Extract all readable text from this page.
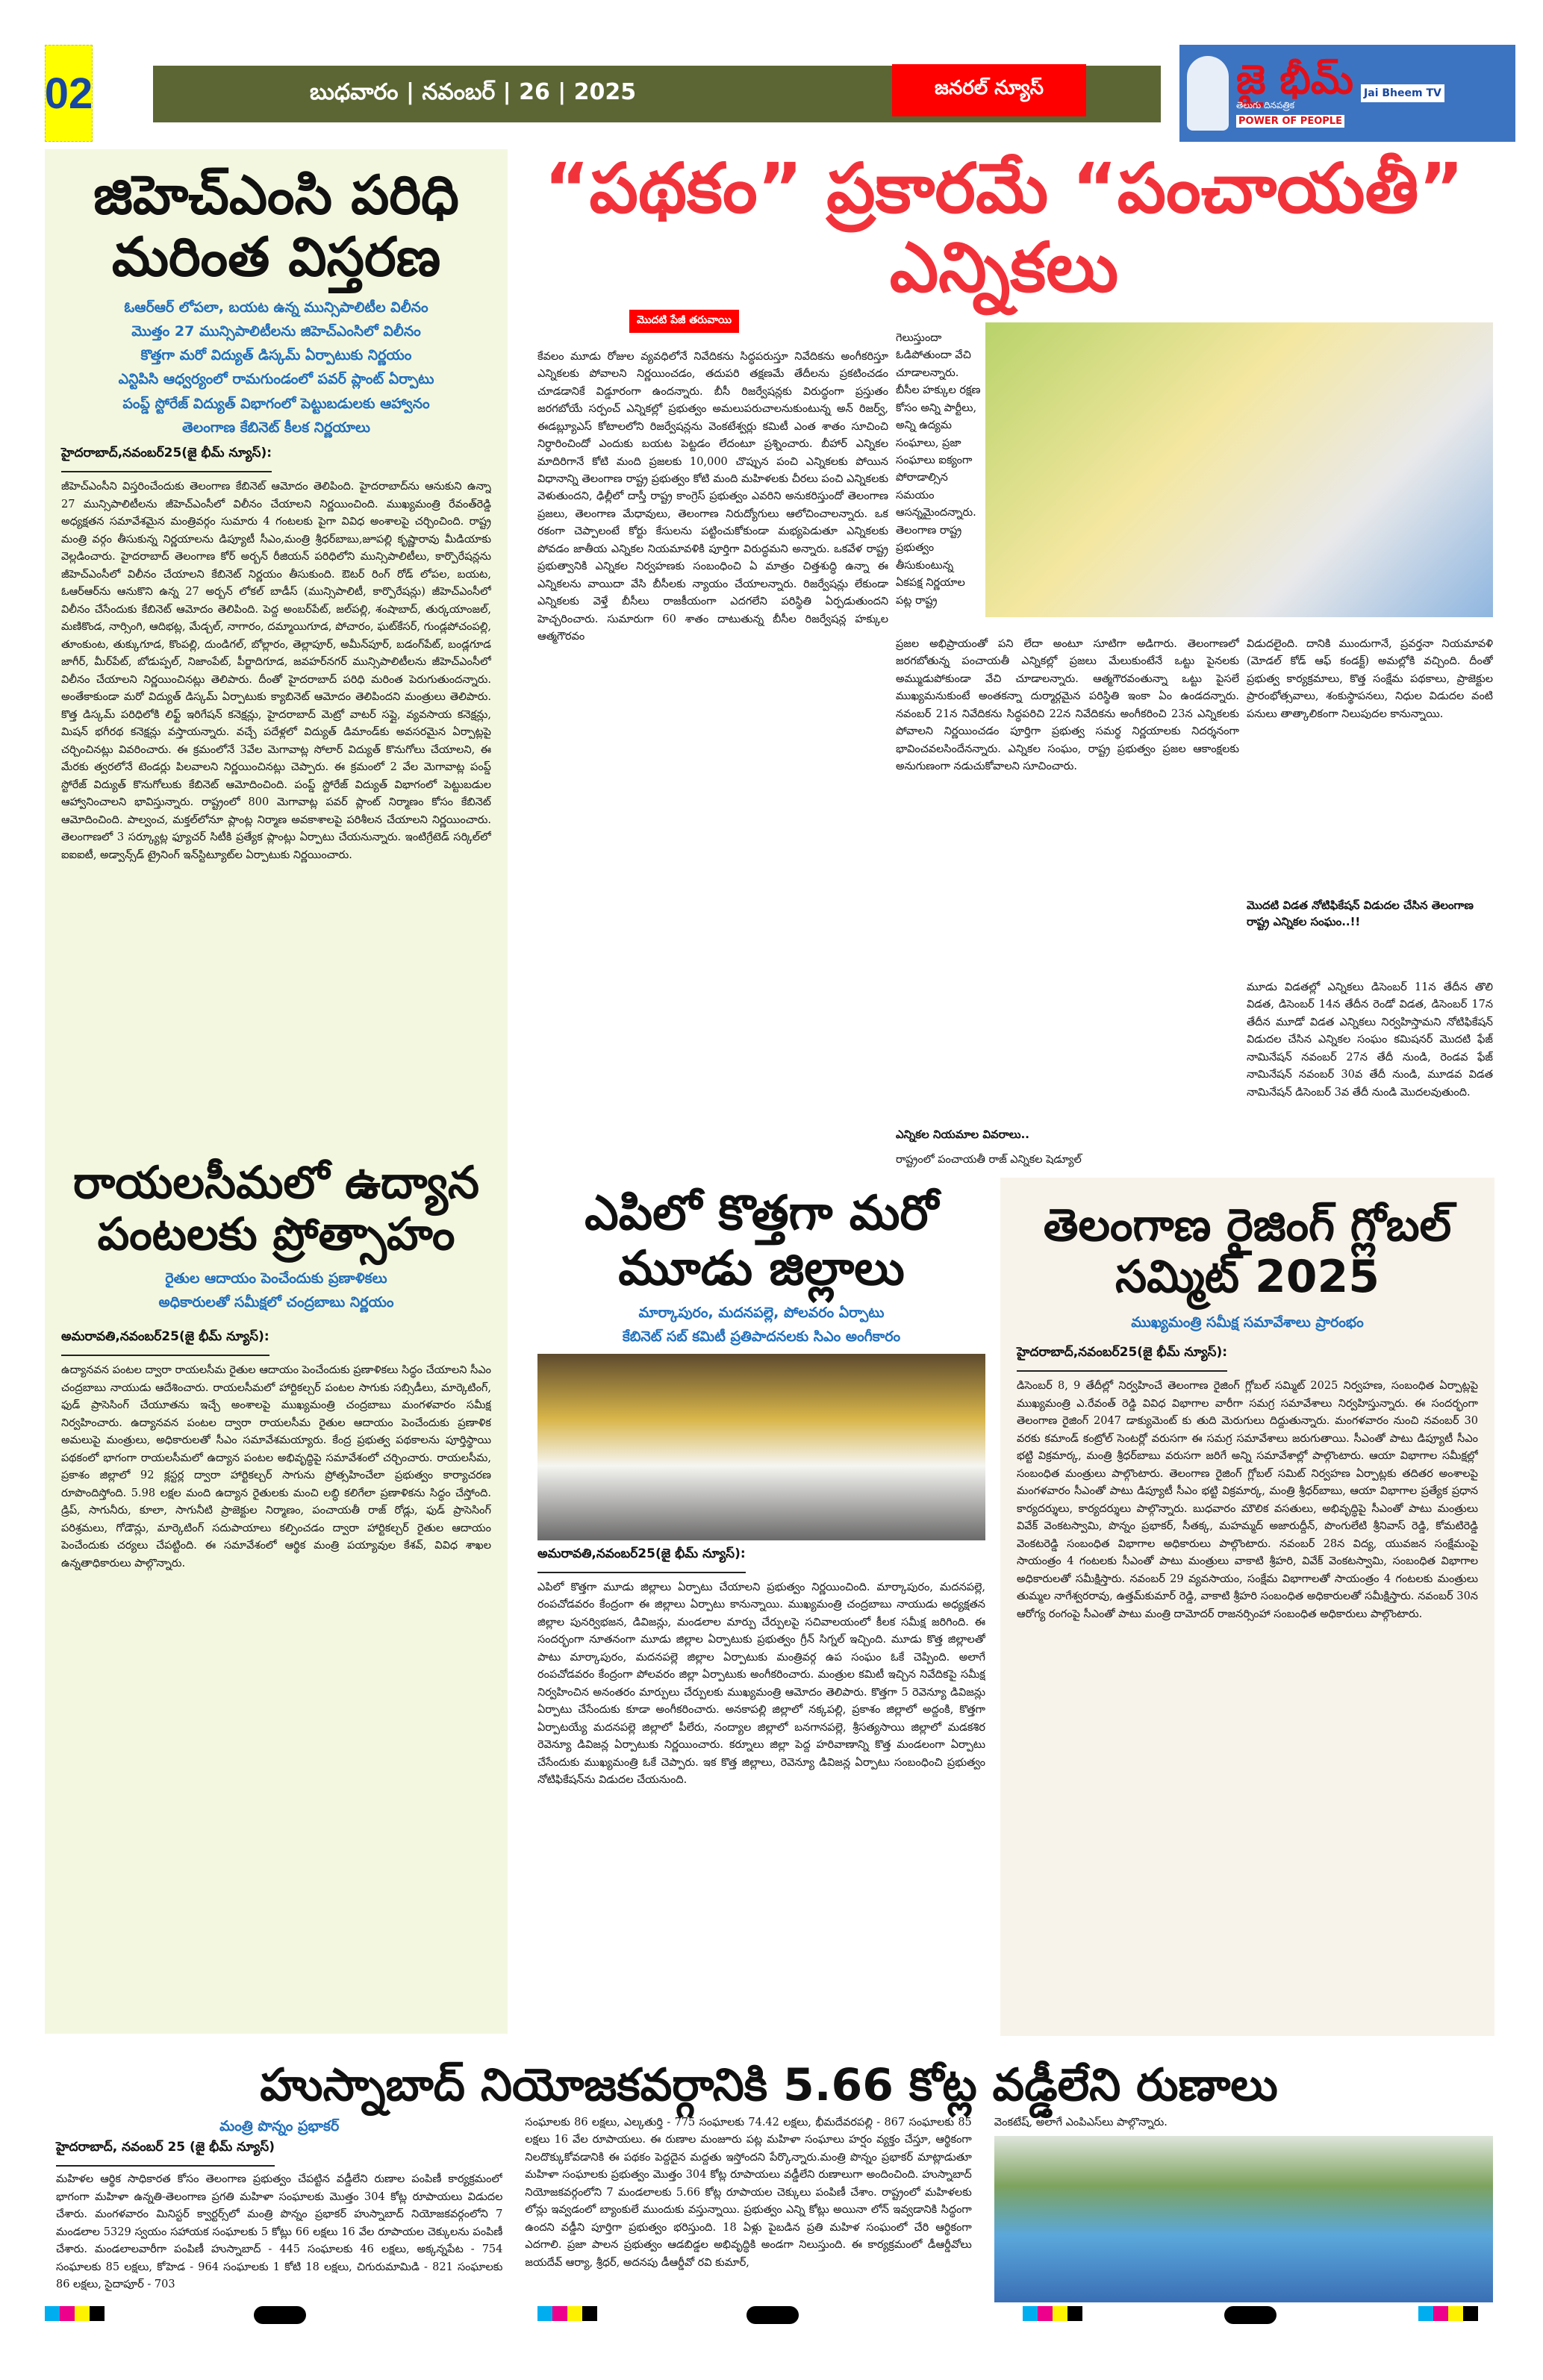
02	బుధవారం | నవంబర్ | 26 | 2025	జనరల్ న్యూస్	జై భీమ్
తెలుగు దినపత్రిక
POWER OF PEOPLE
Jai Bheem TV
జిహెచ్ఎంసి పరిధి మరింత విస్తరణ
ఓఆర్ఆర్ లోపలా, బయట ఉన్న మున్సిపాలిటీల విలీనం
మొత్తం 27 మున్సిపాలిటీలను జిహెచ్ఎంసిలో విలీనం
కొత్తగా మరో విద్యుత్ డిస్కమ్ ఏర్పాటుకు నిర్ణయం
ఎన్టిపిసి ఆధ్వర్యంలో రామగుండంలో పవర్ ప్లాంట్ ఏర్పాటు
పంప్డ్ స్టోరేజ్ విద్యుత్ విభాగంలో పెట్టుబడులకు ఆహ్వానం
తెలంగాణ కేబినెట్ కీలక నిర్ణయాలు
హైదరాబాద్,నవంబర్25(జై భీమ్ న్యూస్):
జీహెచ్ఎంసీని విస్తరించేందుకు తెలంగాణ కేబినెట్ ఆమోదం తెలిపింది. హైదరాబాద్‌ను ఆనుకుని ఉన్నా 27 మున్సిపాలిటీలను జీహెచ్ఎంసీలో విలీనం చేయాలని నిర్ణయించింది. ముఖ్యమంత్రి రేవంత్‌రెడ్డి అధ్యక్షతన సమావేశమైన మంత్రివర్గం సుమారు 4 గంటలకు పైగా వివిధ అంశాలపై చర్చించింది. రాష్ట్ర మంత్రి వర్గం తీసుకున్న నిర్ణయాలను డిప్యూటీ సీఎం,మంత్రి శ్రీధర్‌బాబు,జూపల్లి కృష్ణారావు మీడియాకు వెల్లడించారు. హైదరాబాద్ తెలంగాణ కోర్ అర్బన్ రీజియన్ పరిధిలోని మున్సిపాలిటీలు, కార్పొరేషన్లను జీహెచ్ఎంసీలో విలీనం చేయాలని కేబినెట్ నిర్ణయం తీసుకుంది. ఔటర్ రింగ్ రోడ్ లోపల, బయట, ఓఆర్ఆర్‌ను ఆనుకొని ఉన్న 27 అర్బన్ లోకల్ బాడీస్ (మున్సిపాలిటీ, కార్పొరేషన్లు) జీహెచ్ఎంసీలో విలీనం చేసేందుకు కేబినెట్ ఆమోదం తెలిపింది. పెద్ద అంబర్‌పేట్, జల్‌పల్లి, శంషాబాద్, తుర్కయాంజల్, మణికొండ, నార్సింగి, ఆదిభట్ల, మేడ్చల్, నాగారం, దమ్మాయిగూడ, పోచారం, ఘట్‌కేసర్, గుండ్లపోచంపల్లి, తూంకుంట, తుక్కుగూడ, కొంపల్లి, దుండిగల్, బోల్లారం, తెల్లాపూర్, అమీన్‌పూర్, బడంగ్‌పేట్, బండ్లగూడ జాగీర్, మీర్‌పేట్, బోడుప్పల్, నిజాంపేట్, పీర్జాదిగూడ, జవహర్‌నగర్ మున్సిపాలిటీలను జీహెచ్ఎంసీలో విలీనం చేయాలని నిర్ణయించినట్లు తెలిపారు. దీంతో హైదరాబాద్ పరిధి మరింత పెరుగుతుందన్నారు. అంతేకాకుండా మరో విద్యుత్ డిస్కమ్ ఏర్పాటుకు క్యాబినెట్ ఆమోదం తెలిపిందని మంత్రులు తెలిపారు. కొత్త డిస్కమ్ పరిధిలోకి లిఫ్ట్ ఇరిగేషన్ కనెక్షన్లు, హైదరాబాద్ మెట్రో వాటర్ సప్లై, వ్యవసాయ కనెక్షన్లు, మిషన్ భగీరథ కనెక్షన్లు వస్తాయన్నారు. వచ్చే పదేళ్లలో విద్యుత్ డిమాండ్‌కు అవసరమైన ఏర్పాట్లపై చర్చించినట్లు వివరించారు. ఈ క్రమంలోనే 3వేల మెగావాట్ల సోలార్ విద్యుత్ కొనుగోలు చేయాలని, ఈ మేరకు త్వరలోనే టెండర్లు పిలవాలని నిర్ణయించినట్లు చెప్పారు. ఈ క్రమంలో 2 వేల మెగావాట్ల పంప్డ్ స్టోరేజ్ విద్యుత్ కొనుగోలుకు కేబినెట్ ఆమోదించింది. పంప్డ్ స్టోరేజ్ విద్యుత్ విభాగంలో పెట్టుబడుల ఆహ్వానించాలని భావిస్తున్నారు. రాష్ట్రంలో 800 మెగావాట్ల పవర్ ప్లాంట్ నిర్మాణం కోసం కేబినెట్ ఆమోదించింది. పాల్వంచ, మక్తల్‌లోనూ ప్లాంట్ల నిర్మాణ అవకాశాలపై పరిశీలన చేయాలని నిర్ణయించారు. తెలంగాణలో 3 సర్క్యూట్ల ఫ్యూచర్ సిటీకి ప్రత్యేక ప్లాంట్లు ఏర్పాటు చేయనున్నారు. ఇంటిగ్రేటెడ్ సర్కిల్‌లో ఐఐఐటీ, అడ్వాన్స్‌డ్ ట్రైనింగ్ ఇన్‌స్టిట్యూట్‌ల ఏర్పాటుకు నిర్ణయించారు.
రాయలసీమలో ఉద్యాన పంటలకు ప్రోత్సాహం
రైతుల ఆదాయం పెంచేందుకు ప్రణాళికలు
అధికారులతో సమీక్షలో చంద్రబాబు నిర్ణయం
అమరావతి,నవంబర్25(జై భీమ్ న్యూస్):
ఉద్యానవన పంటల ద్వారా రాయలసీమ రైతుల ఆదాయం పెంచేందుకు ప్రణాళికలు సిద్ధం చేయాలని సీఎం చంద్రబాబు నాయుడు ఆదేశించారు. రాయలసీమలో హార్టికల్చర్ పంటల సాగుకు సబ్సిడీలు, మార్కెటింగ్, ఫుడ్ ప్రాసెసింగ్ చేయూతను ఇచ్చే అంశాలపై ముఖ్యమంత్రి చంద్రబాబు మంగళవారం సమీక్ష నిర్వహించారు. ఉద్యానవన పంటల ద్వారా రాయలసీమ రైతుల ఆదాయం పెంచేందుకు ప్రణాళిక అమలుపై మంత్రులు, అధికారులతో సీఎం సమావేశమయ్యారు. కేంద్ర ప్రభుత్వ పథకాలను పూర్తిస్థాయి పథకంలో భాగంగా రాయలసీమలో ఉద్యాన పంటల అభివృద్ధిపై సమావేశంలో చర్చించారు. రాయలసీమ, ప్రకాశం జిల్లాలో 92 క్లస్టర్ల ద్వారా హార్టికల్చర్ సాగును ప్రోత్సహించేలా ప్రభుత్వం కార్యాచరణ రూపొందిస్తోంది. 5.98 లక్షల మంది ఉద్యాన రైతులకు మంచి లబ్ధి కలిగేలా ప్రణాళికను సిద్ధం చేస్తోంది. డ్రిప్, సాగునీరు, కూలా, సాగునీటి ప్రాజెక్టుల నిర్మాణం, పంచాయతీ రాజ్ రోడ్లు, ఫుడ్ ప్రాసెసింగ్ పరిశ్రమలు, గోడౌన్లు, మార్కెటింగ్ సదుపాయాలు కల్పించడం ద్వారా హార్టికల్చర్ రైతుల ఆదాయం పెంచేందుకు చర్యలు చేపట్టింది. ఈ సమావేశంలో ఆర్థిక మంత్రి పయ్యావుల కేశవ్, వివిధ శాఖల ఉన్నతాధికారులు పాల్గొన్నారు.
“పథకం” ప్రకారమే “పంచాయతీ” ఎన్నికలు
మొదటి పేజీ తరువాయి
కేవలం మూడు రోజుల వ్యవధిలోనే నివేదికను సిద్ధపరుస్తూ నివేదికను అంగీకరిస్తూ ఎన్నికలకు పోవాలని నిర్ణయించడం, తదుపరి తక్షణమే తేదీలను ప్రకటించడం చూడడానికే విడ్డూరంగా ఉందన్నారు. బీసీ రిజర్వేషన్లకు విరుద్ధంగా ప్రస్తుతం జరగబోయే సర్పంచ్ ఎన్నికల్లో ప్రభుత్వం అమలుపరుచాలనుకుంటున్న అన్ రిజర్వ్, ఈడబ్ల్యూఎస్ కోటాలలోని రిజర్వేషన్లను వెంకటేశ్వర్లు కమిటీ ఎంత శాతం సూచించి నిర్ధారించిందో ఎందుకు బయట పెట్టడం లేదంటూ ప్రశ్నించారు. బీహార్ ఎన్నికల మాదిరిగానే కోటి మంది ప్రజలకు 10,000 చొప్పున పంచి ఎన్నికలకు పోయిన విధానాన్ని తెలంగాణ రాష్ట్ర ప్రభుత్వం కోటి మంది మహిళలకు చీరలు పంచి ఎన్నికలకు వెళుతుందని, ఢిల్లీలో దాస్తీ రాష్ట్ర కాంగ్రెస్ ప్రభుత్వం ఎవరిని అనుకరిస్తుందో తెలంగాణ ప్రజలు, తెలంగాణ మేధావులు, తెలంగాణ నిరుద్యోగులు ఆలోచించాలన్నారు. ఒక రకంగా చెప్పాలంటే కోర్టు కేసులను పట్టించుకోకుండా మభ్యపెడుతూ ఎన్నికలకు పోవడం జాతీయ ఎన్నికల నియమావళికి పూర్తిగా విరుద్ధమని అన్నారు. ఒకవేళ రాష్ట్ర ప్రభుత్వానికి ఎన్నికల నిర్వహణకు సంబంధించి ఏ మాత్రం చిత్తశుద్ధి ఉన్నా ఈ ఎన్నికలను వాయిదా వేసి బీసీలకు న్యాయం చేయాలన్నారు. రిజర్వేషన్లు లేకుండా ఎన్నికలకు వెళ్తే బీసీలు రాజకీయంగా ఎదగలేని పరిస్థితి ఏర్పడుతుందని హెచ్చరించారు. సుమారుగా 60 శాతం దాటుతున్న బీసీల రిజర్వేషన్ల హక్కుల ఆత్మగౌరవం
గెలుస్తుందా ఓడిపోతుందా వేచి చూడాలన్నారు. బీసీల హక్కుల రక్షణ కోసం అన్ని పార్టీలు, అన్ని ఉద్యమ సంఘాలు, ప్రజా సంఘాలు ఐక్యంగా పోరాడాల్సిన సమయం ఆసన్నమైందన్నారు. తెలంగాణ రాష్ట్ర ప్రభుత్వం తీసుకుంటున్న ఏకపక్ష నిర్ణయాల పట్ల రాష్ట్ర
ప్రజల అభిప్రాయంతో పని లేదా అంటూ సూటిగా అడిగారు. తెలంగాణలో జరగబోతున్న పంచాయతీ ఎన్నికల్లో ప్రజలు మేలుకుంటేనే ఒట్టు పైనలకు అమ్ముడుపోకుండా వేచి చూడాలన్నారు. ఆత్మగౌరవంతున్నా ఒట్టు పైసలే ముఖ్యమనుకుంటే అంతకన్నా దుర్మార్గమైన పరిస్థితి ఇంకా ఏం ఉండదన్నారు. నవంబర్ 21న నివేదికను సిద్ధపరిచి 22న నివేదికను అంగీకరించి 23న ఎన్నికలకు పోవాలని నిర్ణయించడం పూర్తిగా ప్రభుత్వ సమర్థ నిర్ణయాలకు నిదర్శనంగా భావించవలసిందేనన్నారు. ఎన్నికల సంఘం, రాష్ట్ర ప్రభుత్వం ప్రజల ఆకాంక్షలకు అనుగుణంగా నడుచుకోవాలని సూచించారు.
ఎన్నికల నియమాల వివరాలు..
రాష్ట్రంలో పంచాయతీ రాజ్ ఎన్నికల షెడ్యూల్
విడుదలైంది. దానికి ముందుగానే, ప్రవర్తనా నియమావళి (మోడల్ కోడ్ ఆఫ్ కండక్ట్) అమల్లోకి వచ్చింది. దీంతో ప్రభుత్వ కార్యక్రమాలు, కొత్త సంక్షేమ పథకాలు, ప్రాజెక్టుల ప్రారంభోత్సవాలు, శంకుస్థాపనలు, నిధుల విడుదల వంటి పనులు తాత్కాలికంగా నిలుపుదల కానున్నాయి.
మొదటి విడత నోటిఫికేషన్ విడుదల చేసిన తెలంగాణ రాష్ట్ర ఎన్నికల సంఘం..!!
మూడు విడతల్లో ఎన్నికలు డిసెంబర్ 11న తేదీన తొలి విడత, డిసెంబర్ 14న తేదీన రెండో విడత, డిసెంబర్ 17న తేదీన మూడో విడత ఎన్నికలు నిర్వహిస్తామని నోటిఫికేషన్ విడుదల చేసిన ఎన్నికల సంఘం కమిషనర్ మొదటి ఫేజ్ నామినేషన్ నవంబర్ 27న తేదీ నుండి, రెండవ ఫేజ్ నామినేషన్ నవంబర్ 30వ తేదీ నుండి, మూడవ విడత నామినేషన్ డిసెంబర్ 3వ తేదీ నుండి మొదలవుతుంది.
ఎపిలో కొత్తగా మరో మూడు జిల్లాలు
మార్కాపురం, మదనపల్లె, పోలవరం ఏర్పాటు
కేబినెట్ సబ్ కమిటీ ప్రతిపాదనలకు సిఎం అంగీకారం
అమరావతి,నవంబర్25(జై భీమ్ న్యూస్):
ఎపిలో కొత్తగా మూడు జిల్లాలు ఏర్పాటు చేయాలని ప్రభుత్వం నిర్ణయించింది. మార్కాపురం, మదనపల్లె, రంపచోడవరం కేంద్రంగా ఈ జిల్లాలు ఏర్పాటు కానున్నాయి. ముఖ్యమంత్రి చంద్రబాబు నాయుడు అధ్యక్షతన జిల్లాల పునర్విభజన, డివిజన్లు, మండలాల మార్పు చేర్పులపై సచివాలయంలో కీలక సమీక్ష జరిగింది. ఈ సందర్భంగా నూతనంగా మూడు జిల్లాల ఏర్పాటుకు ప్రభుత్వం గ్రీన్ సిగ్నల్ ఇచ్చింది. మూడు కొత్త జిల్లాలతో పాటు మార్కాపురం, మదనపల్లె జిల్లాల ఏర్పాటుకు మంత్రివర్గ ఉప సంఘం ఓకే చెప్పింది. అలాగే రంపచోడవరం కేంద్రంగా పోలవరం జిల్లా ఏర్పాటుకు అంగీకరించారు. మంత్రుల కమిటీ ఇచ్చిన నివేదికపై సమీక్ష నిర్వహించిన అనంతరం మార్పులు చేర్పులకు ముఖ్యమంత్రి ఆమోదం తెలిపారు. కొత్తగా 5 రెవెన్యూ డివిజన్లు ఏర్పాటు చేసేందుకు కూడా అంగీకరించారు. అనకాపల్లి జిల్లాలో నక్కపల్లి, ప్రకాశం జిల్లాలో అద్దంకి, కొత్తగా ఏర్పాటయ్యే మదనపల్లె జిల్లాలో పీలేరు, నంద్యాల జిల్లాలో బనగానపల్లె, శ్రీసత్యసాయి జిల్లాలో మడకశిర రెవెన్యూ డివిజన్ల ఏర్పాటుకు నిర్ణయించారు. కర్నూలు జిల్లా పెద్ద హరివాణాన్ని కొత్త మండలంగా ఏర్పాటు చేసేందుకు ముఖ్యమంత్రి ఓకే చెప్పారు. ఇక కొత్త జిల్లాలు, రెవెన్యూ డివిజన్ల ఏర్పాటు సంబంధించి ప్రభుత్వం నోటిఫికేషన్‌ను విడుదల చేయనుంది.
తెలంగాణ రైజింగ్ గ్లోబల్ సమ్మిట్ 2025
ముఖ్యమంత్రి సమీక్ష సమావేశాలు ప్రారంభం
హైదరాబాద్,నవంబర్25(జై భీమ్ న్యూస్):
డిసెంబర్ 8, 9 తేదీల్లో నిర్వహించే తెలంగాణ రైజింగ్ గ్లోబల్ సమ్మిట్ 2025 నిర్వహణ, సంబంధిత ఏర్పాట్లపై ముఖ్యమంత్రి ఎ.రేవంత్ రెడ్డి వివిధ విభాగాల వారీగా సమగ్ర సమావేశాలు నిర్వహిస్తున్నారు. ఈ సందర్భంగా తెలంగాణ రైజింగ్ 2047 డాక్యుమెంట్‌ కు తుది మెరుగులు దిద్దుతున్నారు. మంగళవారం నుంచి నవంబర్ 30 వరకు కమాండ్ కంట్రోల్ సెంటర్లో వరుసగా ఈ సమగ్ర సమావేశాలు జరుగుతాయి. సీఎంతో పాటు డిప్యూటీ సీఎం భట్టి విక్రమార్క, మంత్రి శ్రీధర్‌బాబు వరుసగా జరిగే అన్ని సమావేశాల్లో పాల్గొంటారు. ఆయా విభాగాల సమీక్షల్లో సంబంధిత మంత్రులు పాల్గొంటారు. తెలంగాణ రైజింగ్ గ్లోబల్ సమిట్ నిర్వహణ ఏర్పాట్లకు తదితర అంశాలపై మంగళవారం సీఎంతో పాటు డిప్యూటీ సీఎం భట్టి విక్రమార్క, మంత్రి శ్రీధర్‌బాబు, ఆయా విభాగాల ప్రత్యేక ప్రధాన కార్యదర్శులు, కార్యదర్శులు పాల్గొన్నారు. బుధవారం మౌలిక వసతులు, అభివృద్ధిపై సీఎంతో పాటు మంత్రులు వివేక్ వెంకటస్వామి, పొన్నం ప్రభాకర్, సీతక్క, మహమ్మద్ అజారుద్దీన్, పొంగులేటి శ్రీనివాస్ రెడ్డి, కోమటిరెడ్డి వెంకటరెడ్డి సంబంధిత విభాగాల అధికారులు పాల్గొంటారు. నవంబర్ 28న విద్య, యువజన సంక్షేమంపై సాయంత్రం 4 గంటలకు సీఎంతో పాటు మంత్రులు వాకాటి శ్రీహరి, వివేక్ వెంకటస్వామి, సంబంధిత విభాగాల అధికారులతో సమీక్షిస్తారు. నవంబర్ 29 వ్యవసాయం, సంక్షేమ విభాగాలతో సాయంత్రం 4 గంటలకు మంత్రులు తుమ్మల నాగేశ్వరరావు, ఉత్తమ్‌కుమార్ రెడ్డి, వాకాటి శ్రీహరి సంబంధిత అధికారులతో సమీక్షిస్తారు. నవంబర్ 30న ఆరోగ్య రంగంపై సీఎంతో పాటు మంత్రి దామోదర్ రాజనర్సింహా సంబంధిత అధికారులు పాల్గొంటారు.
హుస్నాబాద్ నియోజకవర్గానికి 5.66 కోట్ల వడ్డీలేని రుణాలు
మంత్రి పొన్నం ప్రభాకర్
హైదరాబాద్, నవంబర్ 25 (జై భీమ్ న్యూస్)
మహిళల ఆర్థిక సాధికారత కోసం తెలంగాణ ప్రభుత్వం చేపట్టిన వడ్డీలేని రుణాల పంపిణీ కార్యక్రమంలో భాగంగా మహిళా ఉన్నతి-తెలంగాణ ప్రగతి మహిళా సంఘాలకు మొత్తం 304 కోట్ల రూపాయలు విడుదల చేశారు. మంగళవారం మినిస్టర్ క్వార్టర్స్‌లో మంత్రి పొన్నం ప్రభాకర్ హుస్నాబాద్ నియోజకవర్గంలోని 7 మండలాల 5329 స్వయం సహాయక సంఘాలకు 5 కోట్లు 66 లక్షలు 16 వేల రూపాయల చెక్కులను పంపిణీ చేశారు. మండలాలవారీగా పంపిణీ హుస్నాబాద్ - 445 సంఘాలకు 46 లక్షలు, అక్కన్నపేట - 754 సంఘాలకు 85 లక్షలు, కోహెడ - 964 సంఘాలకు 1 కోటి 18 లక్షలు, చిగురుమామిడి - 821 సంఘాలకు 86 లక్షలు, సైదాపూర్ - 703
సంఘాలకు 86 లక్షలు, ఎల్కతుర్తి - 775 సంఘాలకు 74.42 లక్షలు, భీమదేవరపల్లి - 867 సంఘాలకు 85 లక్షలు 16 వేల రూపాయలు. ఈ రుణాల మంజూరు పట్ల మహిళా సంఘాలు హర్షం వ్యక్తం చేస్తూ, ఆర్థికంగా నిలదొక్కుకోవడానికి ఈ పథకం పెద్దదైన మద్దతు ఇస్తోందని పేర్కొన్నారు.మంత్రి పొన్నం ప్రభాకర్ మాట్లాడుతూ మహిళా సంఘాలకు ప్రభుత్వం మొత్తం 304 కోట్ల రూపాయలు వడ్డీలేని రుణాలుగా అందించింది. హుస్నాబాద్ నియోజకవర్గంలోని 7 మండలాలకు 5.66 కోట్ల రూపాయల చెక్కులు పంపిణీ చేశాం. రాష్ట్రంలో మహిళలకు లోన్లు ఇవ్వడంలో బ్యాంకులే ముందుకు వస్తున్నాయి. ప్రభుత్వం ఎన్ని కోట్లు అయినా లోన్ ఇవ్వడానికి సిద్ధంగా ఉందని వడ్డీని పూర్తిగా ప్రభుత్వం భరిస్తుంది. 18 ఏళ్లు పైబడిన ప్రతి మహిళ సంఘంలో చేరి ఆర్థికంగా ఎదగాలి. ప్రజా పాలన ప్రభుత్వం ఆడబిడ్డల అభివృద్ధికి అండగా నిలుస్తుంది. ఈ కార్యక్రమంలో డీఆర్డీవోలు జయదేవ్ ఆర్యా, శ్రీధర్, అదనపు డీఆర్డీవో రవి కుమార్,
వెంకటేష్, అలాగే ఎంపిఎస్‌లు పాల్గొన్నారు.
